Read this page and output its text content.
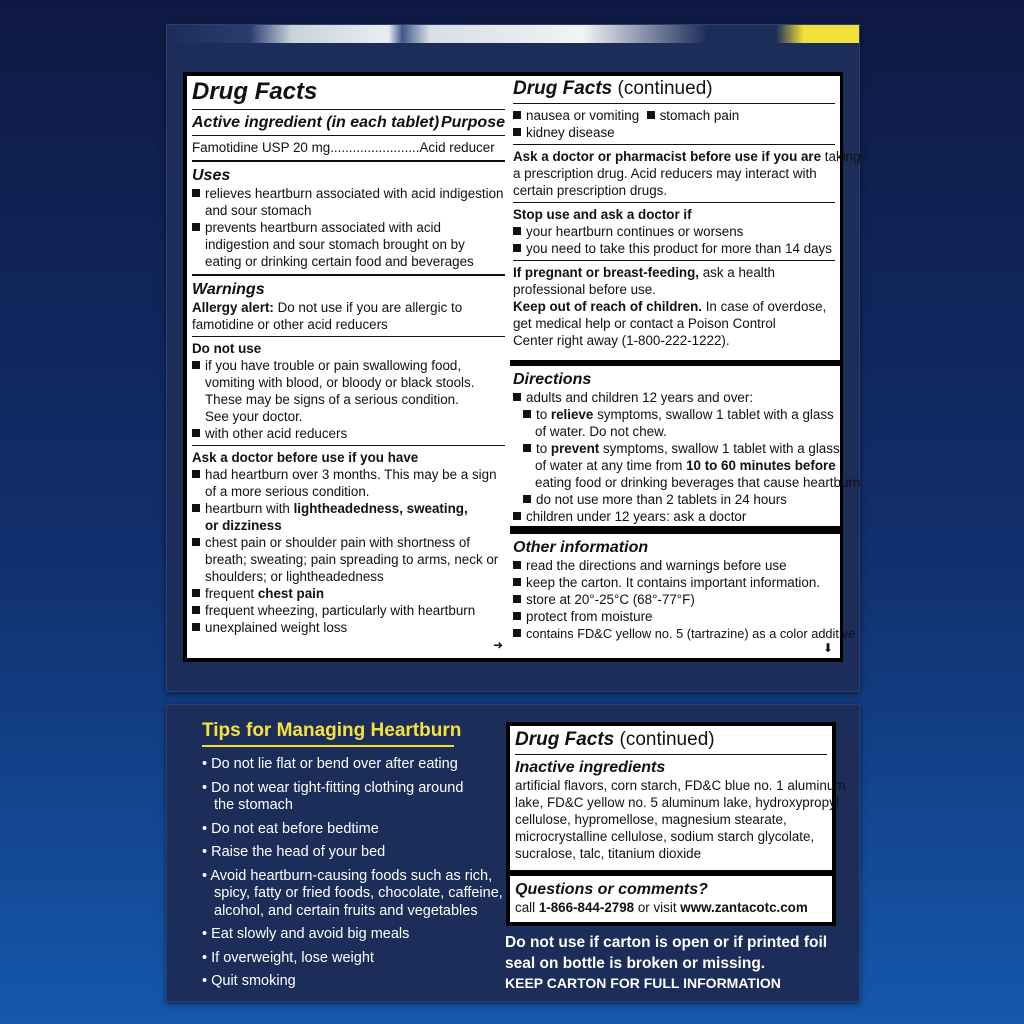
Drug Facts
Active ingredient (in each tablet) Purpose
Famotidine USP 20 mg........................Acid reducer
Uses
relieves heartburn associated with acid indigestion
and sour stomach
prevents heartburn associated with acid
indigestion and sour stomach brought on by
eating or drinking certain food and beverages
Warnings
Allergy alert: Do not use if you are allergic to
famotidine or other acid reducers
Do not use
if you have trouble or pain swallowing food,
vomiting with blood, or bloody or black stools.
These may be signs of a serious condition.
See your doctor.
with other acid reducers
Ask a doctor before use if you have
had heartburn over 3 months. This may be a sign
of a more serious condition.
heartburn with lightheadedness, sweating,
or dizziness
chest pain or shoulder pain with shortness of
breath; sweating; pain spreading to arms, neck or
shoulders; or lightheadedness
frequent chest pain
frequent wheezing, particularly with heartburn
unexplained weight loss
➜
Drug Facts (continued)
nausea or vomiting stomach pain
kidney disease
Ask a doctor or pharmacist before use if you are taking
a prescription drug. Acid reducers may interact with
certain prescription drugs.
Stop use and ask a doctor if
your heartburn continues or worsens
you need to take this product for more than 14 days
If pregnant or breast-feeding, ask a health
professional before use.
Keep out of reach of children. In case of overdose,
get medical help or contact a Poison Control
Center right away (1-800-222-1222).
Directions
adults and children 12 years and over:
to relieve symptoms, swallow 1 tablet with a glass
of water. Do not chew.
to prevent symptoms, swallow 1 tablet with a glass
of water at any time from 10 to 60 minutes before
eating food or drinking beverages that cause heartburn
do not use more than 2 tablets in 24 hours
children under 12 years: ask a doctor
Other information
read the directions and warnings before use
keep the carton. It contains important information.
store at 20°-25°C (68°-77°F)
protect from moisture
contains FD&C yellow no. 5 (tartrazine) as a color additive
⬇
Tips for Managing Heartburn
• Do not lie flat or bend over after eating
• Do not wear tight-fitting clothing around
the stomach
• Do not eat before bedtime
• Raise the head of your bed
• Avoid heartburn-causing foods such as rich,
spicy, fatty or fried foods, chocolate, caffeine,
alcohol, and certain fruits and vegetables
• Eat slowly and avoid big meals
• If overweight, lose weight
• Quit smoking
Drug Facts (continued)
Inactive ingredients
artificial flavors, corn starch, FD&C blue no. 1 aluminum
lake, FD&C yellow no. 5 aluminum lake, hydroxypropyl
cellulose, hypromellose, magnesium stearate,
microcrystalline cellulose, sodium starch glycolate,
sucralose, talc, titanium dioxide
Questions or comments?
call 1-866-844-2798 or visit www.zantacotc.com
Do not use if carton is open or if printed foil
seal on bottle is broken or missing.
KEEP CARTON FOR FULL INFORMATION
